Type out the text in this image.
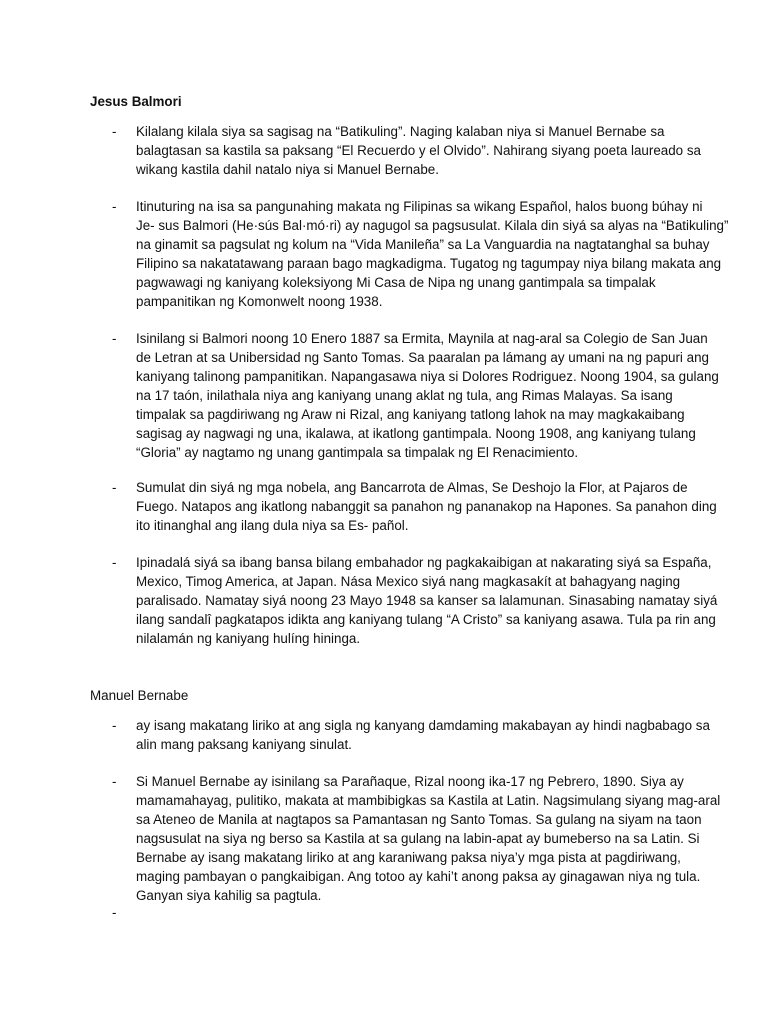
Jesus Balmori
- Kilalang kilala siya sa sagisag na “Batikuling”. Naging kalaban niya si Manuel Bernabe sa
balagtasan sa kastila sa paksang “El Recuerdo y el Olvido”. Nahirang siyang poeta laureado sa
wikang kastila dahil natalo niya si Manuel Bernabe.
- Itinuturing na isa sa pangunahing makata ng Filipinas sa wikang Español, halos buong búhay ni
Je- sus Balmori (He·sús Bal·mó·ri) ay nagugol sa pagsusulat. Kilala din siyá sa alyas na “Batikuling”
na ginamit sa pagsulat ng kolum na “Vida Manileña” sa La Vanguardia na nagtatanghal sa buhay
Filipino sa nakatatawang paraan bago magkadigma. Tugatog ng tagumpay niya bilang makata ang
pagwawagi ng kaniyang koleksiyong Mi Casa de Nipa ng unang gantimpala sa timpalak
pampanitikan ng Komonwelt noong 1938.
- Isinilang si Balmori noong 10 Enero 1887 sa Ermita, Maynila at nag-aral sa Colegio de San Juan
de Letran at sa Unibersidad ng Santo Tomas. Sa paaralan pa lámang ay umani na ng papuri ang
kaniyang talinong pampanitikan. Napangasawa niya si Dolores Rodriguez. Noong 1904, sa gulang
na 17 taón, inilathala niya ang kaniyang unang aklat ng tula, ang Rimas Malayas. Sa isang
timpalak sa pagdiriwang ng Araw ni Rizal, ang kaniyang tatlong lahok na may magkakaibang
sagisag ay nagwagi ng una, ikalawa, at ikatlong gantimpala. Noong 1908, ang kaniyang tulang
“Gloria” ay nagtamo ng unang gantimpala sa timpalak ng El Renacimiento.
- Sumulat din siyá ng mga nobela, ang Bancarrota de Almas, Se Deshojo la Flor, at Pajaros de
Fuego. Natapos ang ikatlong nabanggit sa panahon ng pananakop na Hapones. Sa panahon ding
ito itinanghal ang ilang dula niya sa Es- pañol.
- Ipinadalá siyá sa ibang bansa bilang embahador ng pagkakaibigan at nakarating siyá sa España,
Mexico, Timog America, at Japan. Nása Mexico siyá nang magkasakít at bahagyang naging
paralisado. Namatay siyá noong 23 Mayo 1948 sa kanser sa lalamunan. Sinasabing namatay siyá
ilang sandalî pagkatapos idikta ang kaniyang tulang “A Cristo” sa kaniyang asawa. Tula pa rin ang
nilalamán ng kaniyang hulíng hininga.
Manuel Bernabe
- ay isang makatang liriko at ang sigla ng kanyang damdaming makabayan ay hindi nagbabago sa
alin mang paksang kaniyang sinulat.
- Si Manuel Bernabe ay isinilang sa Parañaque, Rizal noong ika-17 ng Pebrero, 1890. Siya ay
mamamahayag, pulitiko, makata at mambibigkas sa Kastila at Latin. Nagsimulang siyang mag-aral
sa Ateneo de Manila at nagtapos sa Pamantasan ng Santo Tomas. Sa gulang na siyam na taon
nagsusulat na siya ng berso sa Kastila at sa gulang na labin-apat ay bumeberso na sa Latin. Si
Bernabe ay isang makatang liriko at ang karaniwang paksa niya’y mga pista at pagdiriwang,
maging pambayan o pangkaibigan. Ang totoo ay kahi’t anong paksa ay ginagawan niya ng tula.
Ganyan siya kahilig sa pagtula.
-
